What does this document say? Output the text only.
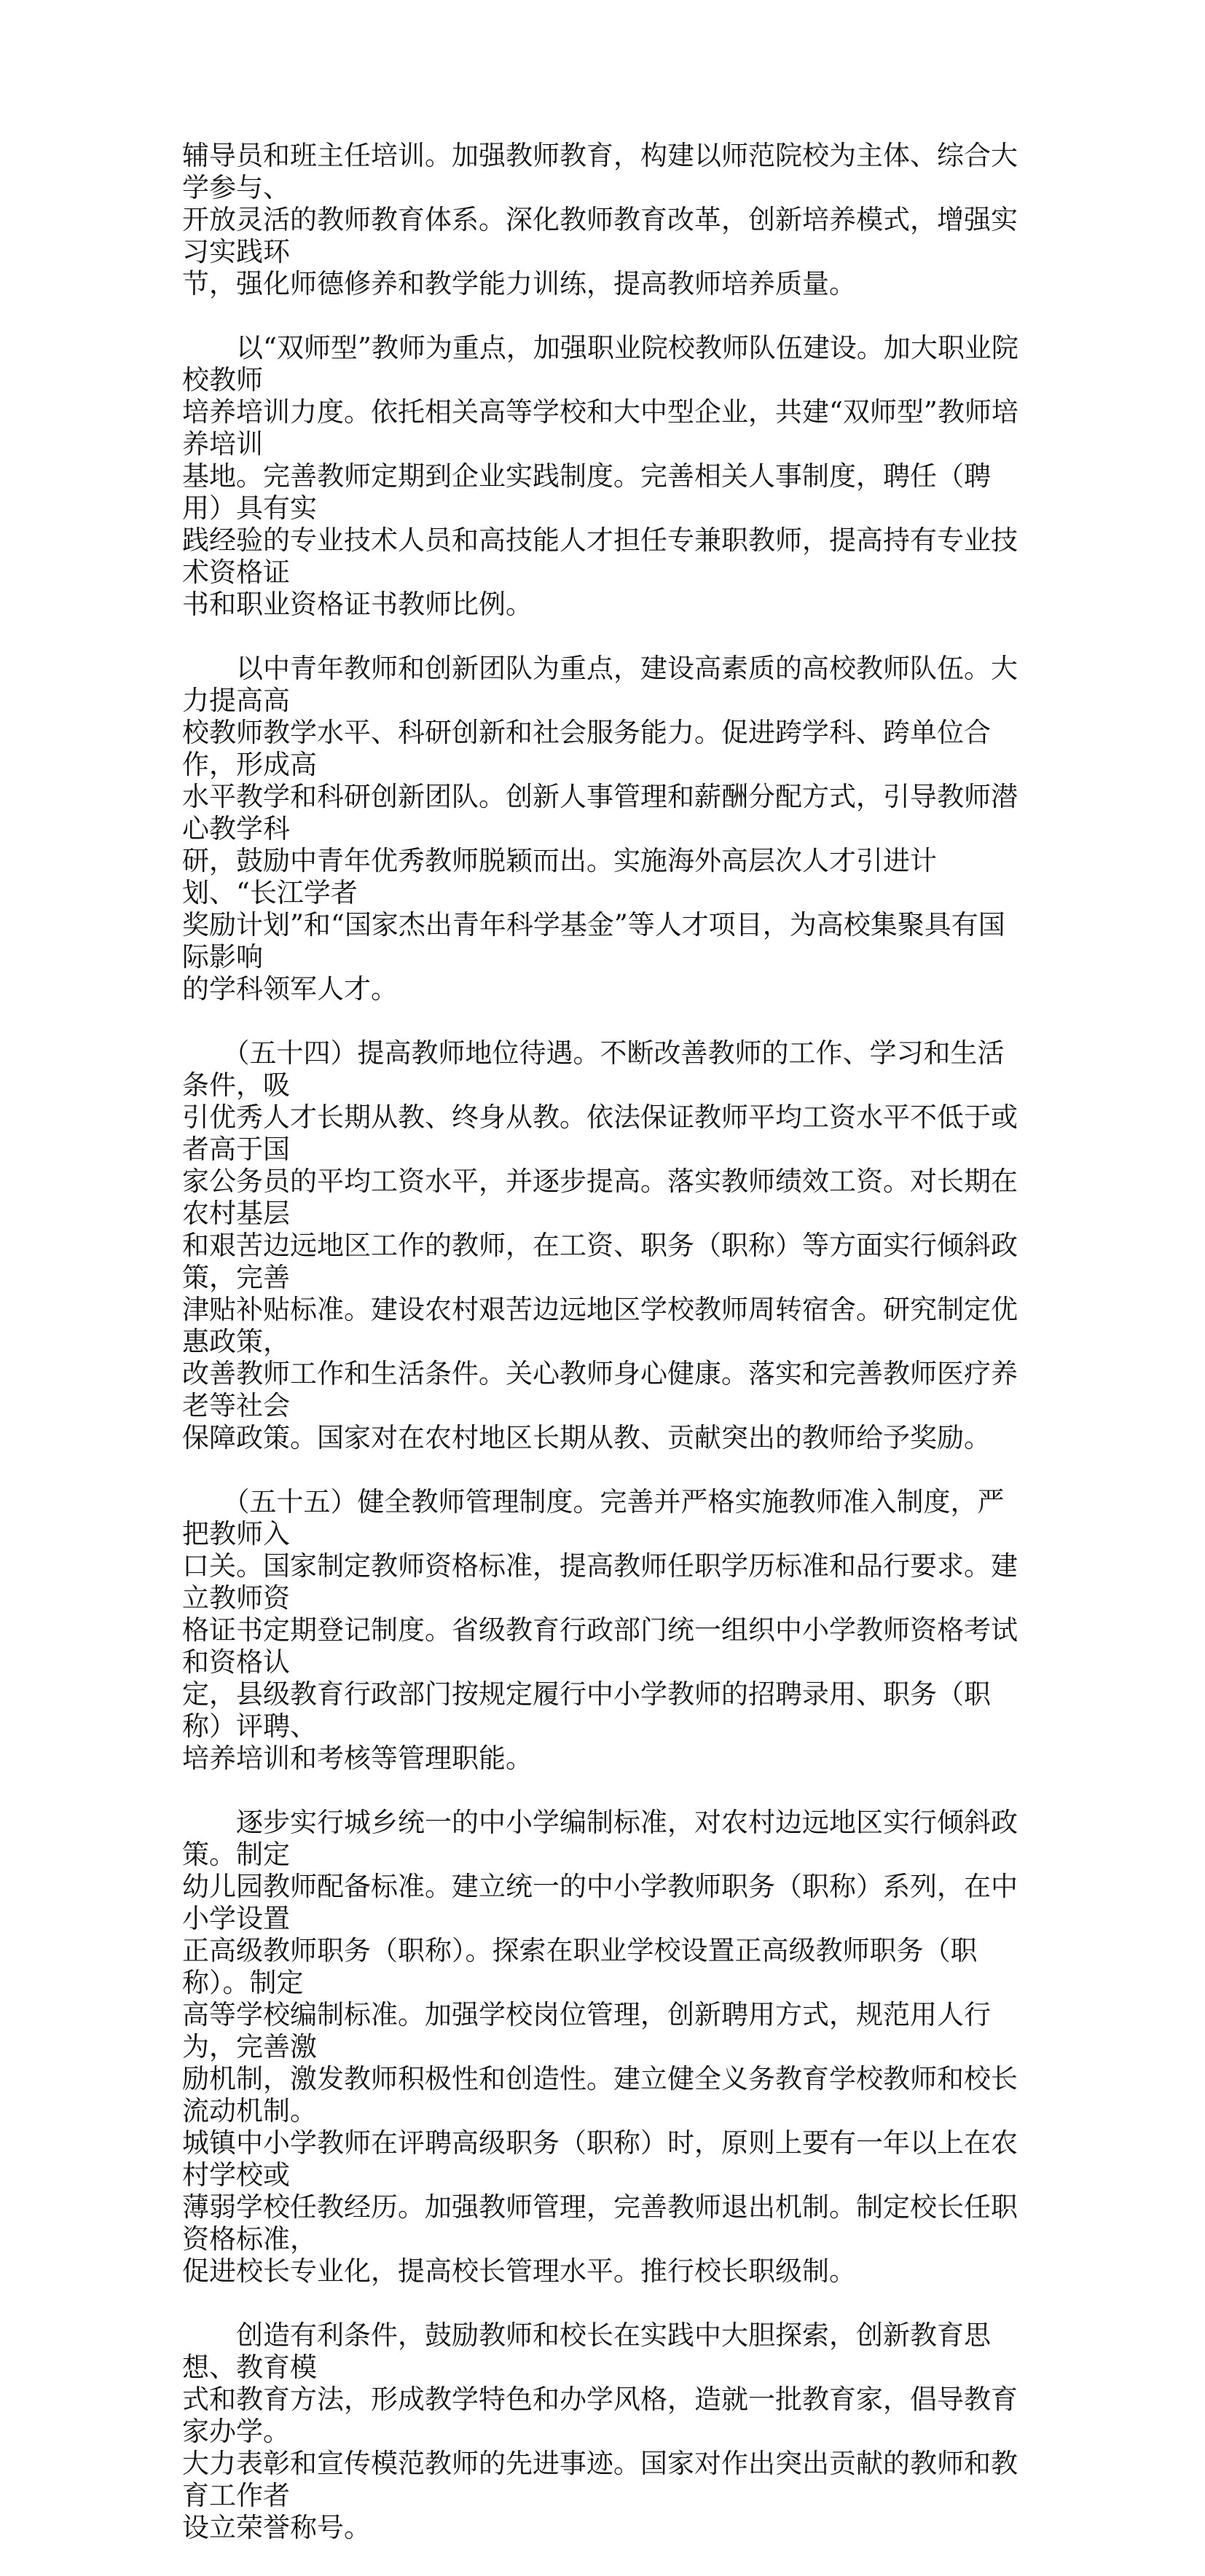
辅导员和班主任培训。加强教师教育，构建以师范院校为主体、综合大学参与、
开放灵活的教师教育体系。深化教师教育改革，创新培养模式，增强实习实践环
节，强化师德修养和教学能力训练，提高教师培养质量。

　　以“双师型”教师为重点，加强职业院校教师队伍建设。加大职业院校教师
培养培训力度。依托相关高等学校和大中型企业，共建“双师型”教师培养培训
基地。完善教师定期到企业实践制度。完善相关人事制度，聘任（聘用）具有实
践经验的专业技术人员和高技能人才担任专兼职教师，提高持有专业技术资格证
书和职业资格证书教师比例。

　　以中青年教师和创新团队为重点，建设高素质的高校教师队伍。大力提高高
校教师教学水平、科研创新和社会服务能力。促进跨学科、跨单位合作，形成高
水平教学和科研创新团队。创新人事管理和薪酬分配方式，引导教师潜心教学科
研，鼓励中青年优秀教师脱颖而出。实施海外高层次人才引进计划、“长江学者
奖励计划”和“国家杰出青年科学基金”等人才项目，为高校集聚具有国际影响
的学科领军人才。

　　（五十四）提高教师地位待遇。不断改善教师的工作、学习和生活条件，吸
引优秀人才长期从教、终身从教。依法保证教师平均工资水平不低于或者高于国
家公务员的平均工资水平，并逐步提高。落实教师绩效工资。对长期在农村基层
和艰苦边远地区工作的教师，在工资、职务（职称）等方面实行倾斜政策，完善
津贴补贴标准。建设农村艰苦边远地区学校教师周转宿舍。研究制定优惠政策，
改善教师工作和生活条件。关心教师身心健康。落实和完善教师医疗养老等社会
保障政策。国家对在农村地区长期从教、贡献突出的教师给予奖励。

　　（五十五）健全教师管理制度。完善并严格实施教师准入制度，严把教师入
口关。国家制定教师资格标准，提高教师任职学历标准和品行要求。建立教师资
格证书定期登记制度。省级教育行政部门统一组织中小学教师资格考试和资格认
定，县级教育行政部门按规定履行中小学教师的招聘录用、职务（职称）评聘、
培养培训和考核等管理职能。

　　逐步实行城乡统一的中小学编制标准，对农村边远地区实行倾斜政策。制定
幼儿园教师配备标准。建立统一的中小学教师职务（职称）系列，在中小学设置
正高级教师职务（职称）。探索在职业学校设置正高级教师职务（职称）。制定
高等学校编制标准。加强学校岗位管理，创新聘用方式，规范用人行为，完善激
励机制，激发教师积极性和创造性。建立健全义务教育学校教师和校长流动机制。
城镇中小学教师在评聘高级职务（职称）时，原则上要有一年以上在农村学校或
薄弱学校任教经历。加强教师管理，完善教师退出机制。制定校长任职资格标准，
促进校长专业化，提高校长管理水平。推行校长职级制。

　　创造有利条件，鼓励教师和校长在实践中大胆探索，创新教育思想、教育模
式和教育方法，形成教学特色和办学风格，造就一批教育家，倡导教育家办学。
大力表彰和宣传模范教师的先进事迹。国家对作出突出贡献的教师和教育工作者
设立荣誉称号。
